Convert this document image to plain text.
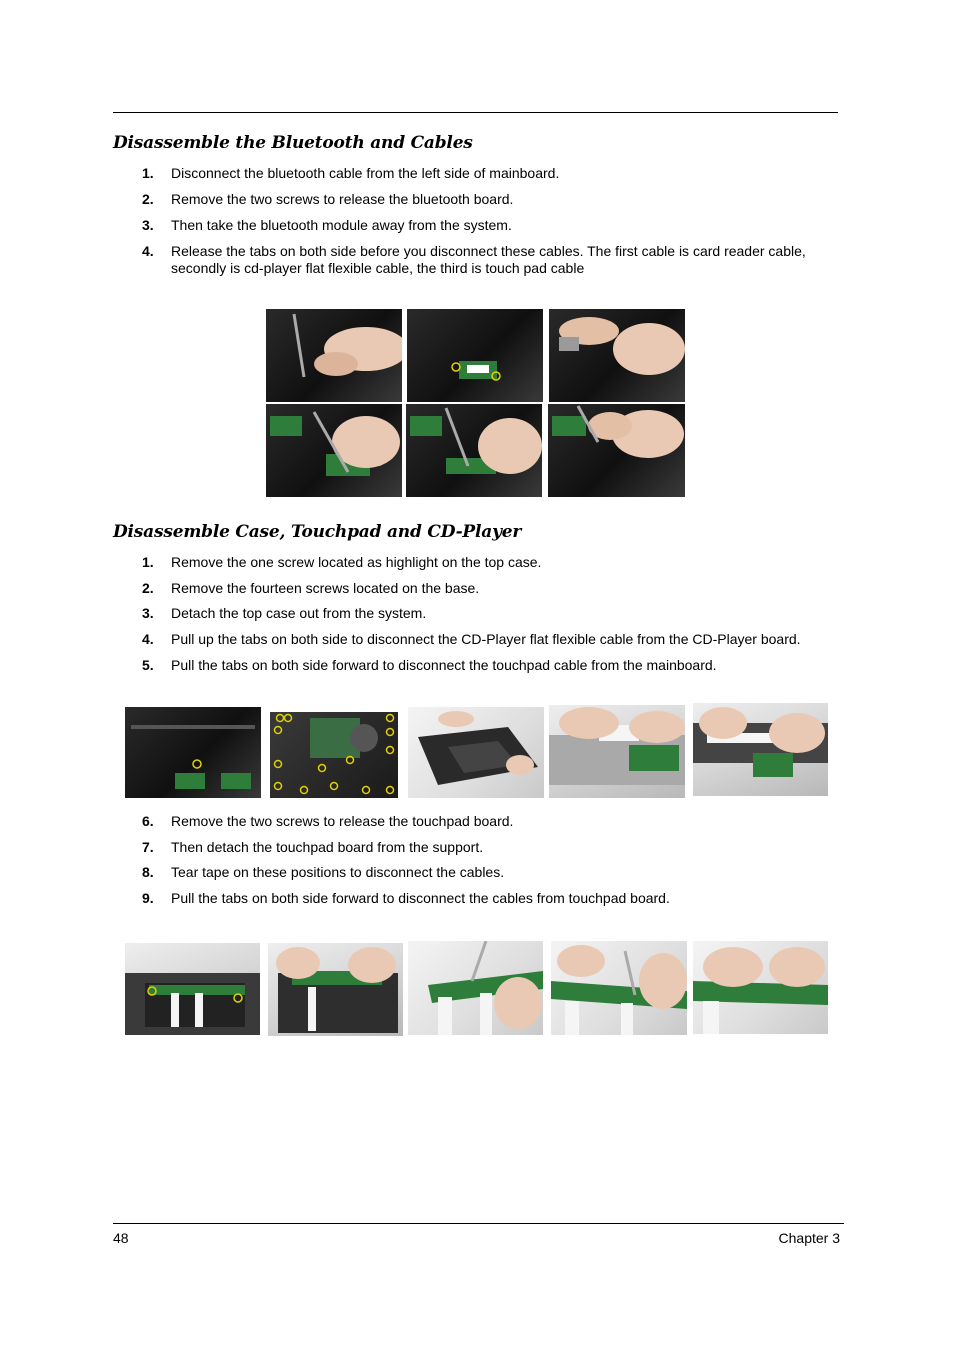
Disassemble the Bluetooth and Cables
1. Disconnect the bluetooth cable from the left side of mainboard.
2. Remove the two screws to release the bluetooth board.
3. Then take the bluetooth module away from the system.
4. Release the tabs on both side before you disconnect these cables. The first cable is card reader cable, secondly is cd-player flat flexible cable, the third is touch pad cable
Disassemble Case, Touchpad and CD-Player
1. Remove the one screw located as highlight on the top case.
2. Remove the fourteen screws located on the base.
3. Detach the top case out from the system.
4. Pull up the tabs on both side to disconnect the CD-Player flat flexible cable from the CD-Player board.
5. Pull the tabs on both side forward to disconnect the touchpad cable from the mainboard.
6. Remove the two screws to release the touchpad board.
7. Then detach the touchpad board from the support.
8. Tear tape on these positions to disconnect the cables.
9. Pull the tabs on both side forward to disconnect the cables from touchpad board.
48	Chapter 3
